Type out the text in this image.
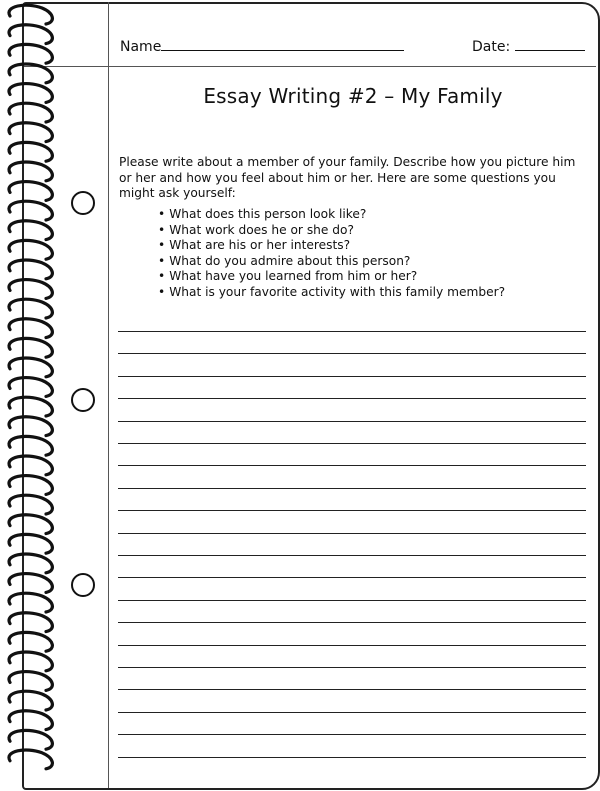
Name	Date:
Essay Writing #2 – My Family
Please write about a member of your family. Describe how you picture him or her and how you feel about him or her. Here are some questions you might ask yourself:
• What does this person look like?
• What work does he or she do?
• What are his or her interests?
• What do you admire about this person?
• What have you learned from him or her?
• What is your favorite activity with this family member?
